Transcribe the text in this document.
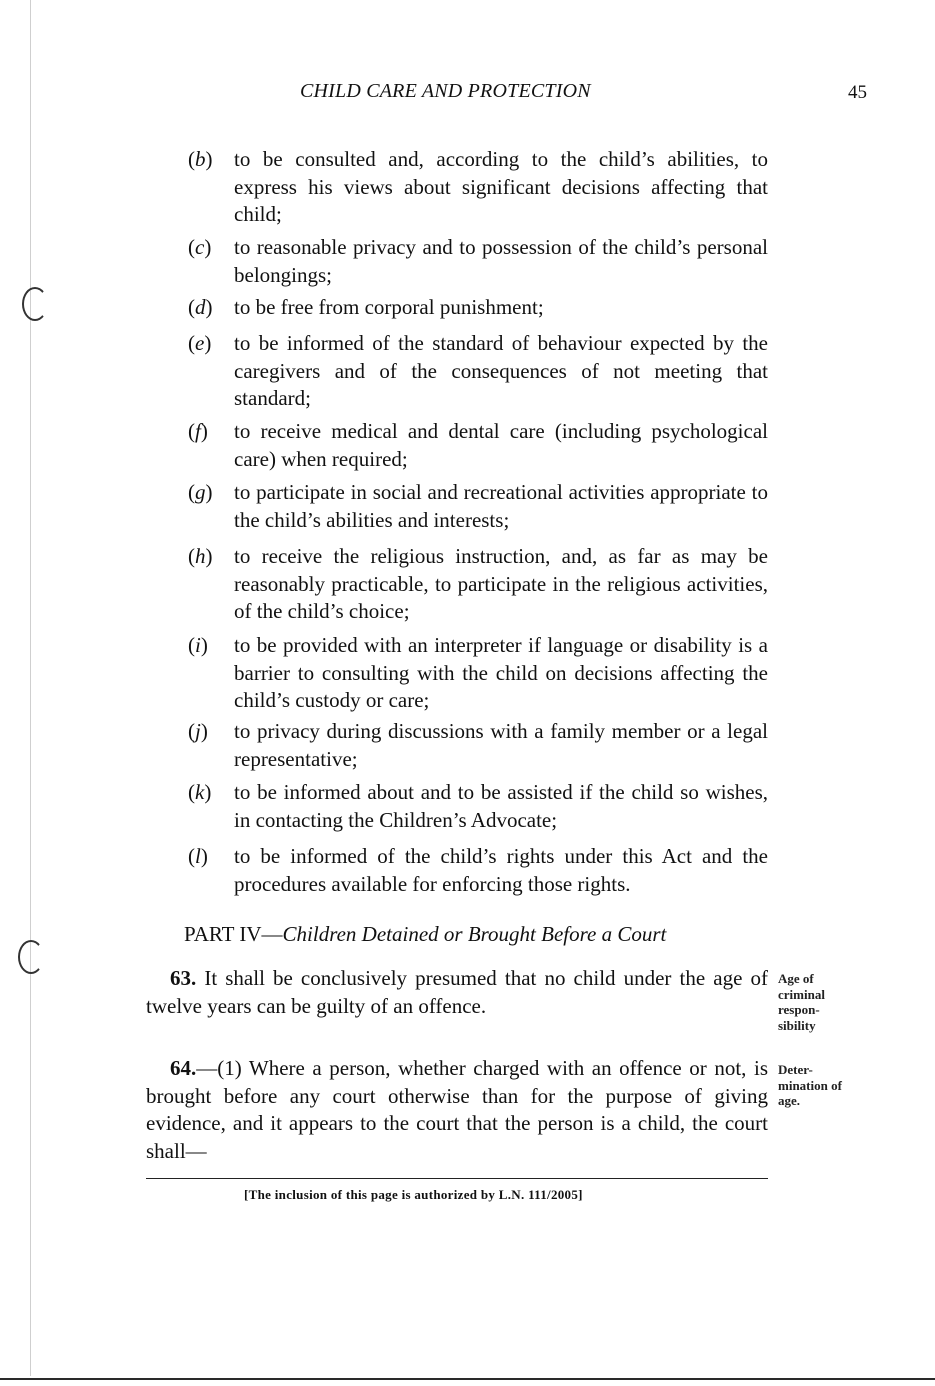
CHILD CARE AND PROTECTION	45
(b) to be consulted and, according to the child’s abilities, to express his views about significant decisions affecting that child;
(c) to reasonable privacy and to possession of the child’s personal belongings;
(d) to be free from corporal punishment;
(e) to be informed of the standard of behaviour expected by the caregivers and of the consequences of not meeting that standard;
(f) to receive medical and dental care (including psychological care) when required;
(g) to participate in social and recreational activities appropriate to the child’s abilities and interests;
(h) to receive the religious instruction, and, as far as may be reasonably practicable, to participate in the religious activities, of the child’s choice;
(i) to be provided with an interpreter if language or disability is a barrier to consulting with the child on decisions affecting the child’s custody or care;
(j) to privacy during discussions with a family member or a legal representative;
(k) to be informed about and to be assisted if the child so wishes, in contacting the Children’s Advocate;
(l) to be informed of the child’s rights under this Act and the procedures available for enforcing those rights.
PART IV—Children Detained or Brought Before a Court
63. It shall be conclusively presumed that no child under the age of twelve years can be guilty of an offence.
Age of criminal respon-sibility
64.—(1) Where a person, whether charged with an offence or not, is brought before any court otherwise than for the purpose of giving evidence, and it appears to the court that the person is a child, the court shall—
Deter-mination of age.
[The inclusion of this page is authorized by L.N. 111/2005]
